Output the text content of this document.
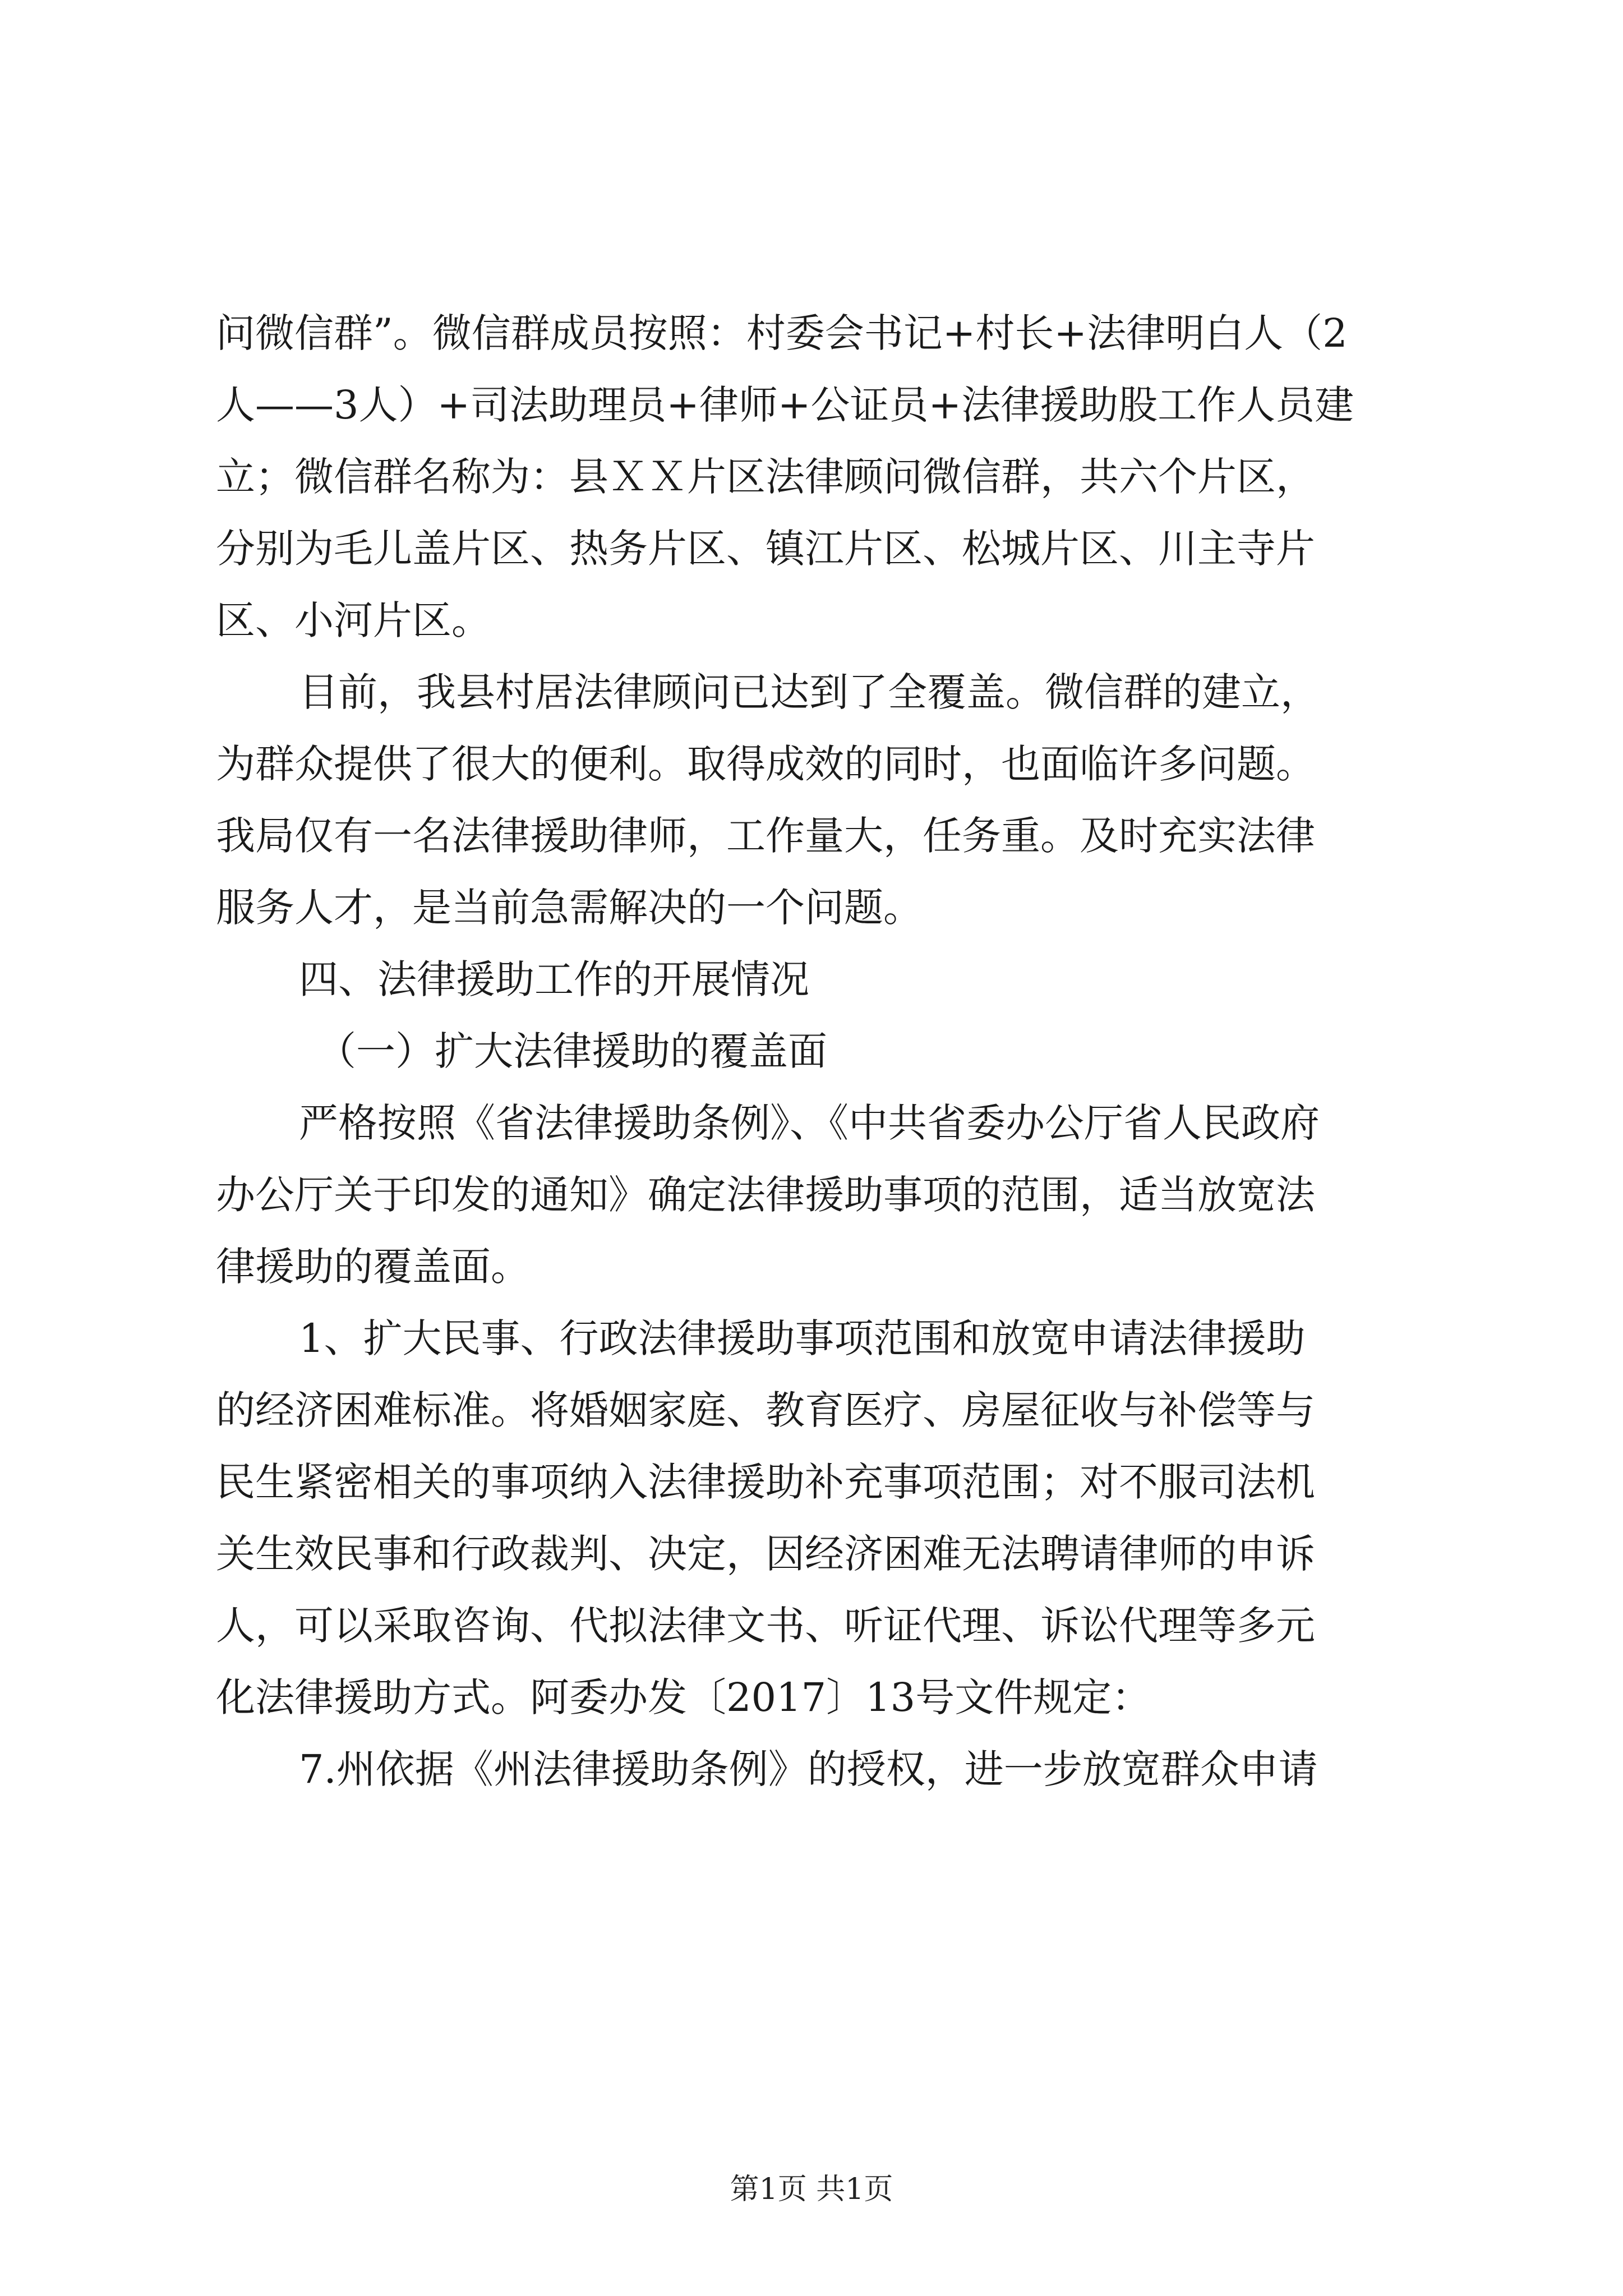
问微信群”。微信群成员按照：村委会书记+村长+法律明白人（2

人——3人）+司法助理员+律师+公证员+法律援助股工作人员建

立；微信群名称为：县ＸＸ片区法律顾问微信群，共六个片区，

分别为毛儿盖片区、热务片区、镇江片区、松城片区、川主寺片

区、小河片区。

目前，我县村居法律顾问已达到了全覆盖。微信群的建立，

为群众提供了很大的便利。取得成效的同时，也面临许多问题。

我局仅有一名法律援助律师，工作量大，任务重。及时充实法律

服务人才，是当前急需解决的一个问题。

四、法律援助工作的开展情况

（一）扩大法律援助的覆盖面

严格按照《省法律援助条例》、《中共省委办公厅省人民政府

办公厅关于印发的通知》确定法律援助事项的范围，适当放宽法

律援助的覆盖面。

1、扩大民事、行政法律援助事项范围和放宽申请法律援助

的经济困难标准。将婚姻家庭、教育医疗、房屋征收与补偿等与

民生紧密相关的事项纳入法律援助补充事项范围；对不服司法机

关生效民事和行政裁判、决定，因经济困难无法聘请律师的申诉

人，可以采取咨询、代拟法律文书、听证代理、诉讼代理等多元

化法律援助方式。阿委办发〔2017〕13号文件规定：

7.州依据《州法律援助条例》的授权，进一步放宽群众申请

第1页 共1页
